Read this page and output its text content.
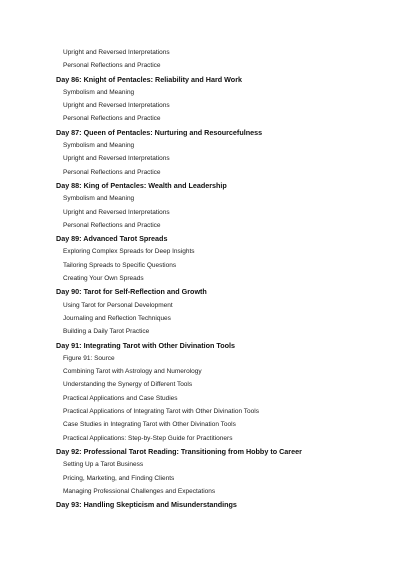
Upright and Reversed Interpretations
Personal Reflections and Practice
Day 86: Knight of Pentacles: Reliability and Hard Work
Symbolism and Meaning
Upright and Reversed Interpretations
Personal Reflections and Practice
Day 87: Queen of Pentacles: Nurturing and Resourcefulness
Symbolism and Meaning
Upright and Reversed Interpretations
Personal Reflections and Practice
Day 88: King of Pentacles: Wealth and Leadership
Symbolism and Meaning
Upright and Reversed Interpretations
Personal Reflections and Practice
Day 89: Advanced Tarot Spreads
Exploring Complex Spreads for Deep Insights
Tailoring Spreads to Specific Questions
Creating Your Own Spreads
Day 90: Tarot for Self-Reflection and Growth
Using Tarot for Personal Development
Journaling and Reflection Techniques
Building a Daily Tarot Practice
Day 91: Integrating Tarot with Other Divination Tools
Figure 91: Source
Combining Tarot with Astrology and Numerology
Understanding the Synergy of Different Tools
Practical Applications and Case Studies
Practical Applications of Integrating Tarot with Other Divination Tools
Case Studies in Integrating Tarot with Other Divination Tools
Practical Applications: Step-by-Step Guide for Practitioners
Day 92: Professional Tarot Reading: Transitioning from Hobby to Career
Setting Up a Tarot Business
Pricing, Marketing, and Finding Clients
Managing Professional Challenges and Expectations
Day 93: Handling Skepticism and Misunderstandings
